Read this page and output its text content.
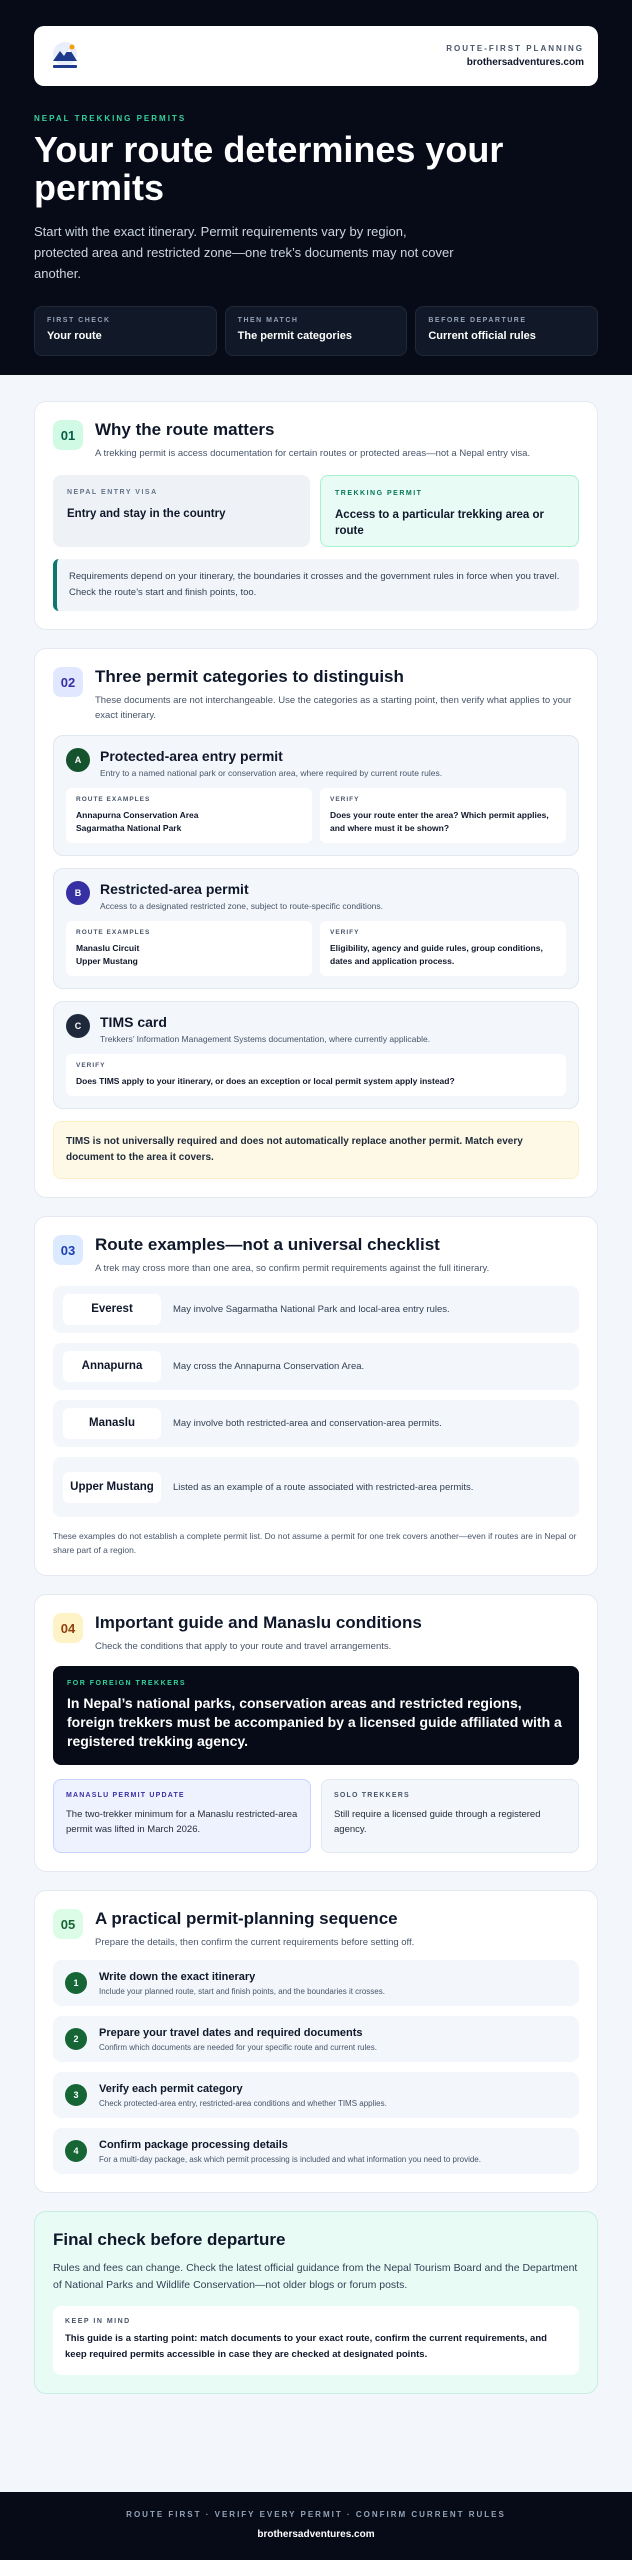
ROUTE-FIRST PLANNING
brothersadventures.com
NEPAL TREKKING PERMITS
Your route determines your permits
Start with the exact itinerary. Permit requirements vary by region, protected area and restricted zone—one trek’s documents may not cover another.
FIRST CHECK
Your route
THEN MATCH
The permit categories
BEFORE DEPARTURE
Current official rules
01	Why the route matters
A trekking permit is access documentation for certain routes or protected areas—not a Nepal entry visa.
NEPAL ENTRY VISA
Entry and stay in the country
TREKKING PERMIT
Access to a particular trekking area or route
Requirements depend on your itinerary, the boundaries it crosses and the government rules in force when you travel. Check the route’s start and finish points, too.
02	Three permit categories to distinguish
These documents are not interchangeable. Use the categories as a starting point, then verify what applies to your exact itinerary.
A	Protected-area entry permit
Entry to a named national park or conservation area, where required by current route rules.
ROUTE EXAMPLES
Annapurna Conservation Area
Sagarmatha National Park
VERIFY
Does your route enter the area? Which permit applies, and where must it be shown?
B	Restricted-area permit
Access to a designated restricted zone, subject to route-specific conditions.
ROUTE EXAMPLES
Manaslu Circuit
Upper Mustang
VERIFY
Eligibility, agency and guide rules, group conditions, dates and application process.
C	TIMS card
Trekkers’ Information Management Systems documentation, where currently applicable.
VERIFY
Does TIMS apply to your itinerary, or does an exception or local permit system apply instead?
TIMS is not universally required and does not automatically replace another permit. Match every document to the area it covers.
03	Route examples—not a universal checklist
A trek may cross more than one area, so confirm permit requirements against the full itinerary.
Everest	May involve Sagarmatha National Park and local-area entry rules.
Annapurna	May cross the Annapurna Conservation Area.
Manaslu	May involve both restricted-area and conservation-area permits.
Upper Mustang	Listed as an example of a route associated with restricted-area permits.
These examples do not establish a complete permit list. Do not assume a permit for one trek covers another—even if routes are in Nepal or share part of a region.
04	Important guide and Manaslu conditions
Check the conditions that apply to your route and travel arrangements.
FOR FOREIGN TREKKERS
In Nepal’s national parks, conservation areas and restricted regions, foreign trekkers must be accompanied by a licensed guide affiliated with a registered trekking agency.
MANASLU PERMIT UPDATE
The two-trekker minimum for a Manaslu restricted-area permit was lifted in March 2026.
SOLO TREKKERS
Still require a licensed guide through a registered agency.
05	A practical permit-planning sequence
Prepare the details, then confirm the current requirements before setting off.
1
Write down the exact itinerary
Include your planned route, start and finish points, and the boundaries it crosses.
2
Prepare your travel dates and required documents
Confirm which documents are needed for your specific route and current rules.
3
Verify each permit category
Check protected-area entry, restricted-area conditions and whether TIMS applies.
4
Confirm package processing details
For a multi-day package, ask which permit processing is included and what information you need to provide.
Final check before departure
Rules and fees can change. Check the latest official guidance from the Nepal Tourism Board and the Department of National Parks and Wildlife Conservation—not older blogs or forum posts.
KEEP IN MIND
This guide is a starting point: match documents to your exact route, confirm the current requirements, and keep required permits accessible in case they are checked at designated points.
ROUTE FIRST · VERIFY EVERY PERMIT · CONFIRM CURRENT RULES
brothersadventures.com
